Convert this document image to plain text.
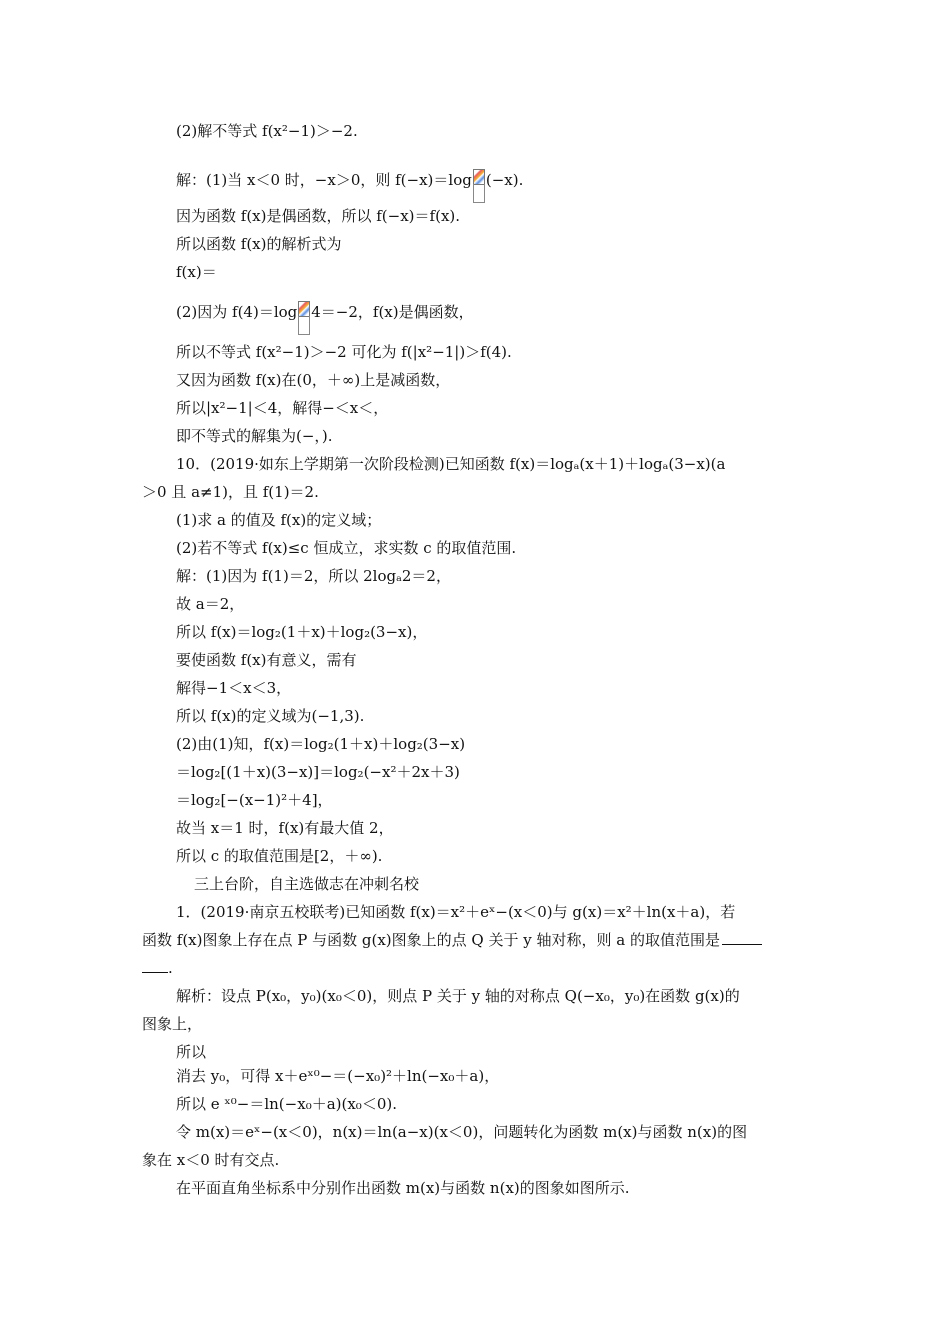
(2)解不等式 f(x²−1)＞−2.
解：(1)当 x＜0 时，−x＞0，则 f(−x)＝log (−x).
因为函数 f(x)是偶函数，所以 f(−x)＝f(x).
所以函数 f(x)的解析式为
f(x)＝
(2)因为 f(4)＝log 4＝−2，f(x)是偶函数，
所以不等式 f(x²−1)＞−2 可化为 f(|x²−1|)＞f(4).
又因为函数 f(x)在(0，＋∞)上是减函数，
所以|x²−1|＜4，解得−＜x＜，
即不等式的解集为(−，).
10．(2019·如东上学期第一次阶段检测)已知函数 f(x)＝logₐ(x＋1)＋logₐ(3−x)(a
＞0 且 a≠1)，且 f(1)＝2.
(1)求 a 的值及 f(x)的定义域；
(2)若不等式 f(x)≤c 恒成立，求实数 c 的取值范围.
解：(1)因为 f(1)＝2，所以 2logₐ2＝2，
故 a＝2，
所以 f(x)＝log₂(1＋x)＋log₂(3−x)，
要使函数 f(x)有意义，需有
解得−1＜x＜3，
所以 f(x)的定义域为(−1,3).
(2)由(1)知，f(x)＝log₂(1＋x)＋log₂(3−x)
＝log₂[(1＋x)(3−x)]＝log₂(−x²＋2x＋3)
＝log₂[−(x−1)²＋4]，
故当 x＝1 时，f(x)有最大值 2，
所以 c 的取值范围是[2，＋∞).
三上台阶，自主选做志在冲刺名校
1．(2019·南京五校联考)已知函数 f(x)＝x²＋eˣ−(x＜0)与 g(x)＝x²＋ln(x＋a)，若
函数 f(x)图象上存在点 P 与函数 g(x)图象上的点 Q 关于 y 轴对称，则 a 的取值范围是
.
解析：设点 P(x₀，y₀)(x₀＜0)，则点 P 关于 y 轴的对称点 Q(−x₀，y₀)在函数 g(x)的
图象上，
所以
消去 y₀，可得 x＋eˣ⁰−＝(−x₀)²＋ln(−x₀＋a)，
所以 e ˣ⁰−＝ln(−x₀＋a)(x₀＜0).
令 m(x)＝eˣ−(x＜0)，n(x)＝ln(a−x)(x＜0)，问题转化为函数 m(x)与函数 n(x)的图
象在 x＜0 时有交点.
在平面直角坐标系中分别作出函数 m(x)与函数 n(x)的图象如图所示.
